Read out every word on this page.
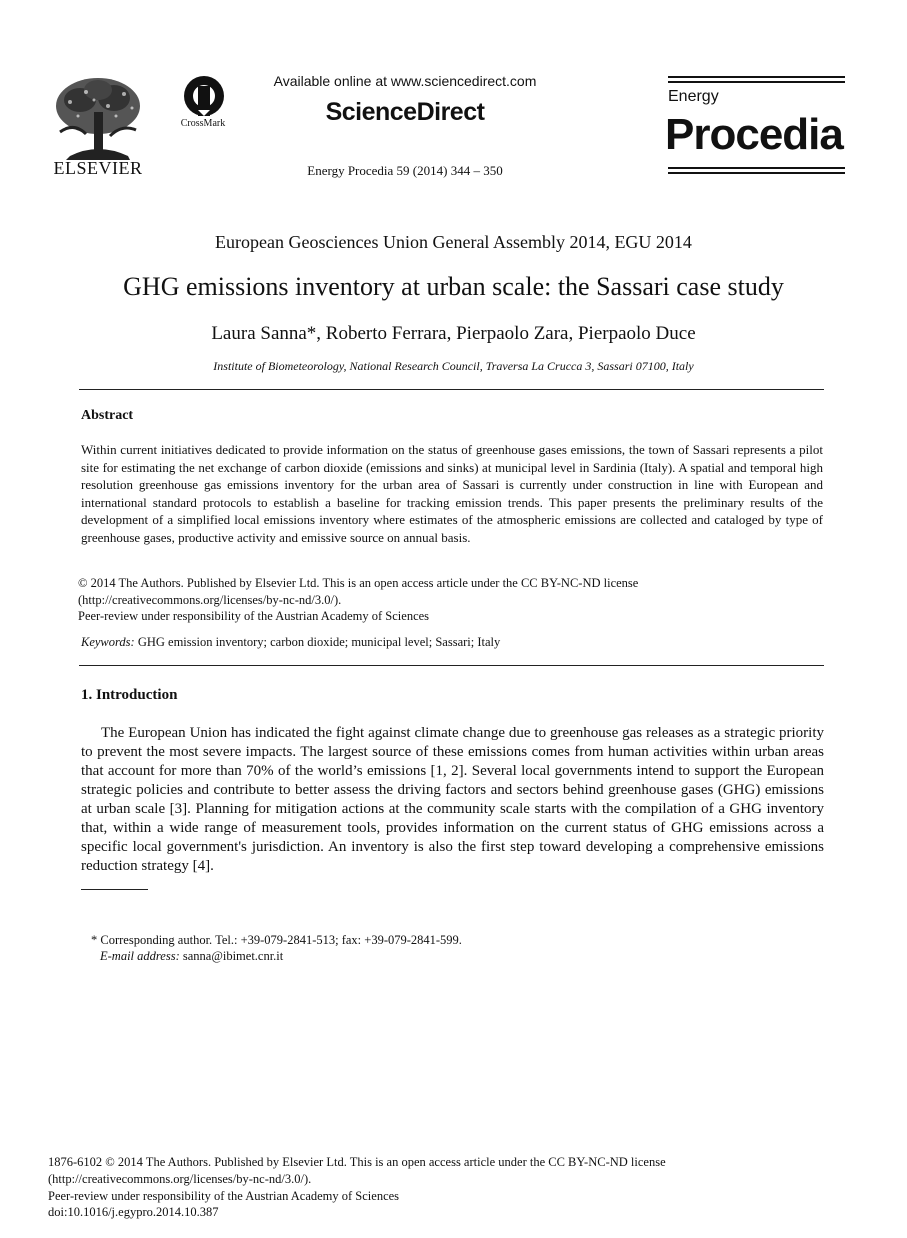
ELSEVIER
CrossMark
Available online at www.sciencedirect.com
ScienceDirect
Energy Procedia 59 (2014) 344 – 350
Energy
Procedia
European Geosciences Union General Assembly 2014, EGU 2014
GHG emissions inventory at urban scale: the Sassari case study
Laura Sanna*, Roberto Ferrara, Pierpaolo Zara, Pierpaolo Duce
Institute of Biometeorology, National Research Council, Traversa La Crucca 3, Sassari 07100, Italy
Abstract
Within current initiatives dedicated to provide information on the status of greenhouse gases emissions, the town of Sassari represents a pilot site for estimating the net exchange of carbon dioxide (emissions and sinks) at municipal level in Sardinia (Italy). A spatial and temporal high resolution greenhouse gas emissions inventory for the urban area of Sassari is currently under construction in line with European and international standard protocols to establish a baseline for tracking emission trends. This paper presents the preliminary results of the development of a simplified local emissions inventory where estimates of the atmospheric emissions are collected and cataloged by type of greenhouse gases, productive activity and emissive source on annual basis.
© 2014 The Authors. Published by Elsevier Ltd. This is an open access article under the CC BY-NC-ND license
(http://creativecommons.org/licenses/by-nc-nd/3.0/).
Peer-review under responsibility of the Austrian Academy of Sciences
Keywords: GHG emission inventory; carbon dioxide; municipal level; Sassari; Italy
1. Introduction
The European Union has indicated the fight against climate change due to greenhouse gas releases as a strategic priority to prevent the most severe impacts. The largest source of these emissions comes from human activities within urban areas that account for more than 70% of the world’s emissions [1, 2]. Several local governments intend to support the European strategic policies and contribute to better assess the driving factors and sectors behind greenhouse gases (GHG) emissions at urban scale [3]. Planning for mitigation actions at the community scale starts with the compilation of a GHG inventory that, within a wide range of measurement tools, provides information on the current status of GHG emissions across a specific local government's jurisdiction. An inventory is also the first step toward developing a comprehensive emissions reduction strategy [4].
* Corresponding author. Tel.: +39-079-2841-513; fax: +39-079-2841-599.
E-mail address: sanna@ibimet.cnr.it
1876-6102 © 2014 The Authors. Published by Elsevier Ltd. This is an open access article under the CC BY-NC-ND license
(http://creativecommons.org/licenses/by-nc-nd/3.0/).
Peer-review under responsibility of the Austrian Academy of Sciences
doi:10.1016/j.egypro.2014.10.387
